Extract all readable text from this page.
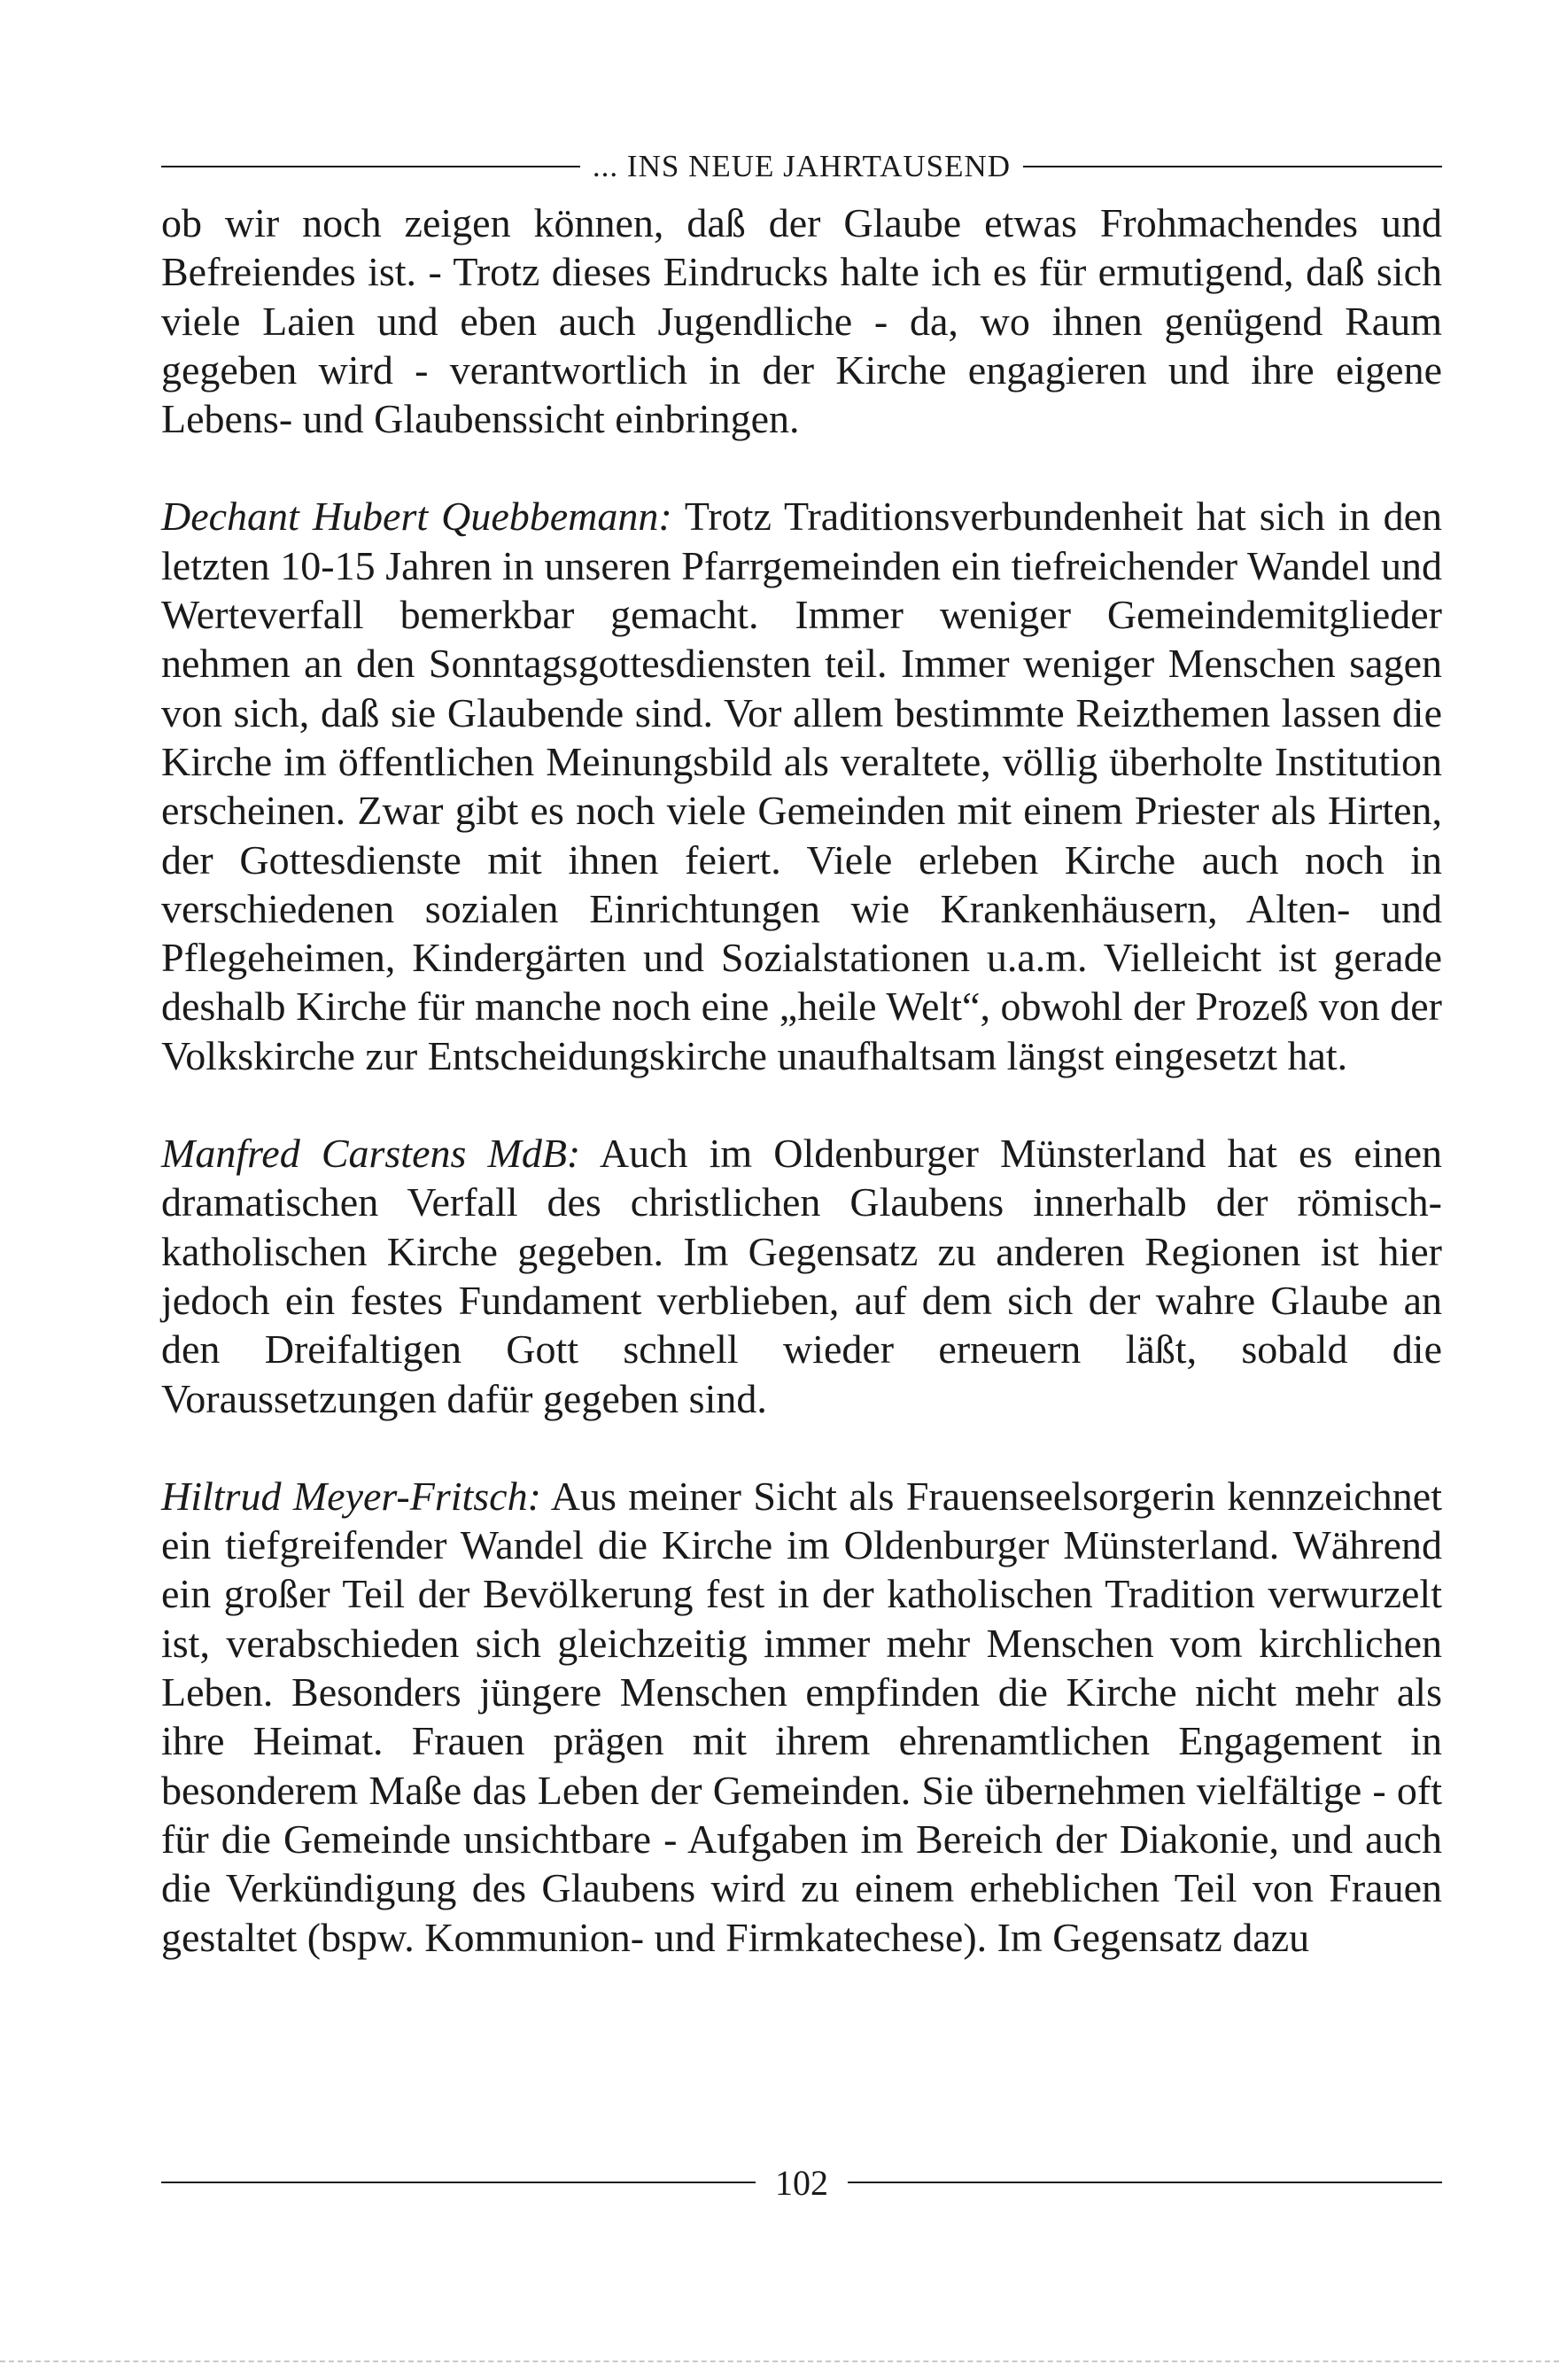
... INS NEUE JAHRTAUSEND

ob wir noch zeigen können, daß der Glaube etwas Frohmachendes und Befreiendes ist. - Trotz dieses Eindrucks halte ich es für ermutigend, daß sich viele Laien und eben auch Jugendliche - da, wo ihnen genügend Raum gegeben wird - verantwortlich in der Kirche engagieren und ihre eigene Lebens- und Glaubenssicht einbringen.

Dechant Hubert Quebbemann: Trotz Traditionsverbundenheit hat sich in den letzten 10-15 Jahren in unseren Pfarrgemeinden ein tiefreichender Wandel und Werteverfall bemerkbar gemacht. Immer weniger Gemeindemitglieder nehmen an den Sonntagsgottesdiensten teil. Immer weniger Menschen sagen von sich, daß sie Glaubende sind. Vor allem bestimmte Reizthemen lassen die Kirche im öffentlichen Meinungsbild als veraltete, völlig überholte Institution erscheinen. Zwar gibt es noch viele Gemeinden mit einem Priester als Hirten, der Gottesdienste mit ihnen feiert. Viele erleben Kirche auch noch in verschiedenen sozialen Einrichtungen wie Krankenhäusern, Alten- und Pflegeheimen, Kindergärten und Sozialstationen u.a.m. Vielleicht ist gerade deshalb Kirche für manche noch eine „heile Welt“, obwohl der Prozeß von der Volkskirche zur Entscheidungskirche unaufhaltsam längst eingesetzt hat.

Manfred Carstens MdB: Auch im Oldenburger Münsterland hat es einen dramatischen Verfall des christlichen Glaubens innerhalb der römisch-katholischen Kirche gegeben. Im Gegensatz zu anderen Regionen ist hier jedoch ein festes Fundament verblieben, auf dem sich der wahre Glaube an den Dreifaltigen Gott schnell wieder erneuern läßt, sobald die Voraussetzungen dafür gegeben sind.

Hiltrud Meyer-Fritsch: Aus meiner Sicht als Frauenseelsorgerin kennzeichnet ein tiefgreifender Wandel die Kirche im Oldenburger Münsterland. Während ein großer Teil der Bevölkerung fest in der katholischen Tradition verwurzelt ist, verabschieden sich gleichzeitig immer mehr Menschen vom kirchlichen Leben. Besonders jüngere Menschen empfinden die Kirche nicht mehr als ihre Heimat. Frauen prägen mit ihrem ehrenamtlichen Engagement in besonderem Maße das Leben der Gemeinden. Sie übernehmen vielfältige - oft für die Gemeinde unsichtbare - Aufgaben im Bereich der Diakonie, und auch die Verkündigung des Glaubens wird zu einem erheblichen Teil von Frauen gestaltet (bspw. Kommunion- und Firmkatechese). Im Gegensatz dazu

102
